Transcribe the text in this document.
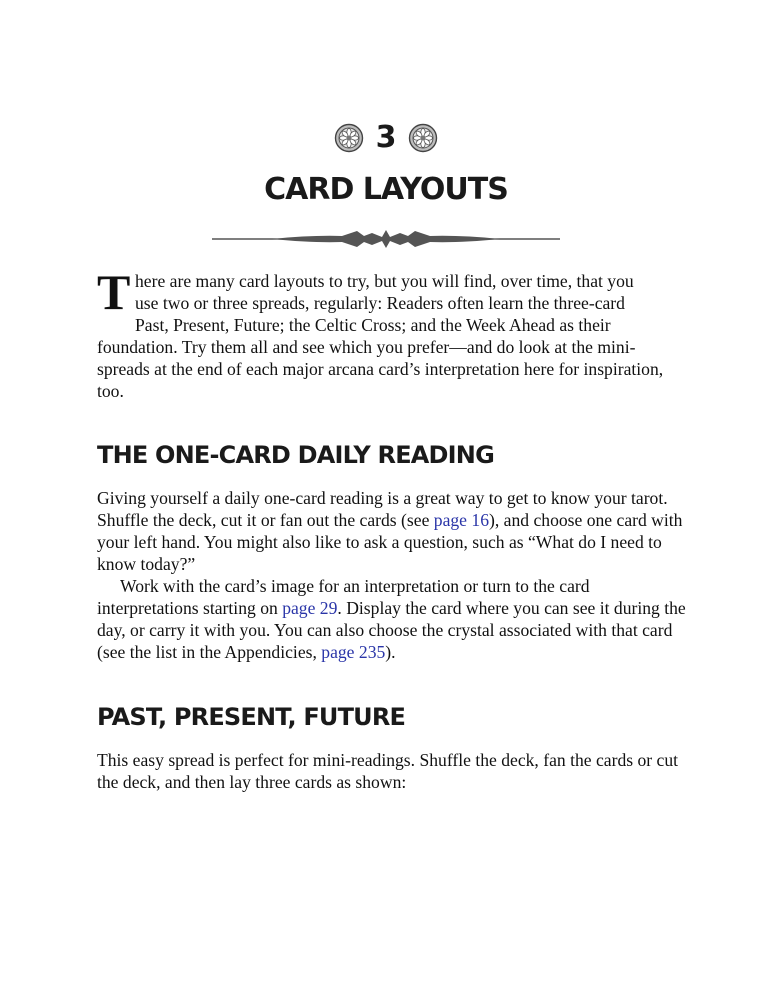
3
CARD LAYOUTS
T here are many card layouts to try, but you will find, over time, that you

use two or three spreads, regularly: Readers often learn the three-card

Past, Present, Future; the Celtic Cross; and the Week Ahead as their

foundation. Try them all and see which you prefer—and do look at the mini-spreads at the end of each major arcana card’s interpretation here for inspiration, too.

THE ONE-CARD DAILY READING

Giving yourself a daily one-card reading is a great way to get to know your tarot. Shuffle the deck, cut it or fan out the cards (see page 16), and choose one card with your left hand. You might also like to ask a question, such as “What do I need to know today?”

Work with the card’s image for an interpretation or turn to the card interpretations starting on page 29. Display the card where you can see it during the day, or carry it with you. You can also choose the crystal associated with that card (see the list in the Appendicies, page 235).

PAST, PRESENT, FUTURE

This easy spread is perfect for mini-readings. Shuffle the deck, fan the cards or cut the deck, and then lay three cards as shown:
